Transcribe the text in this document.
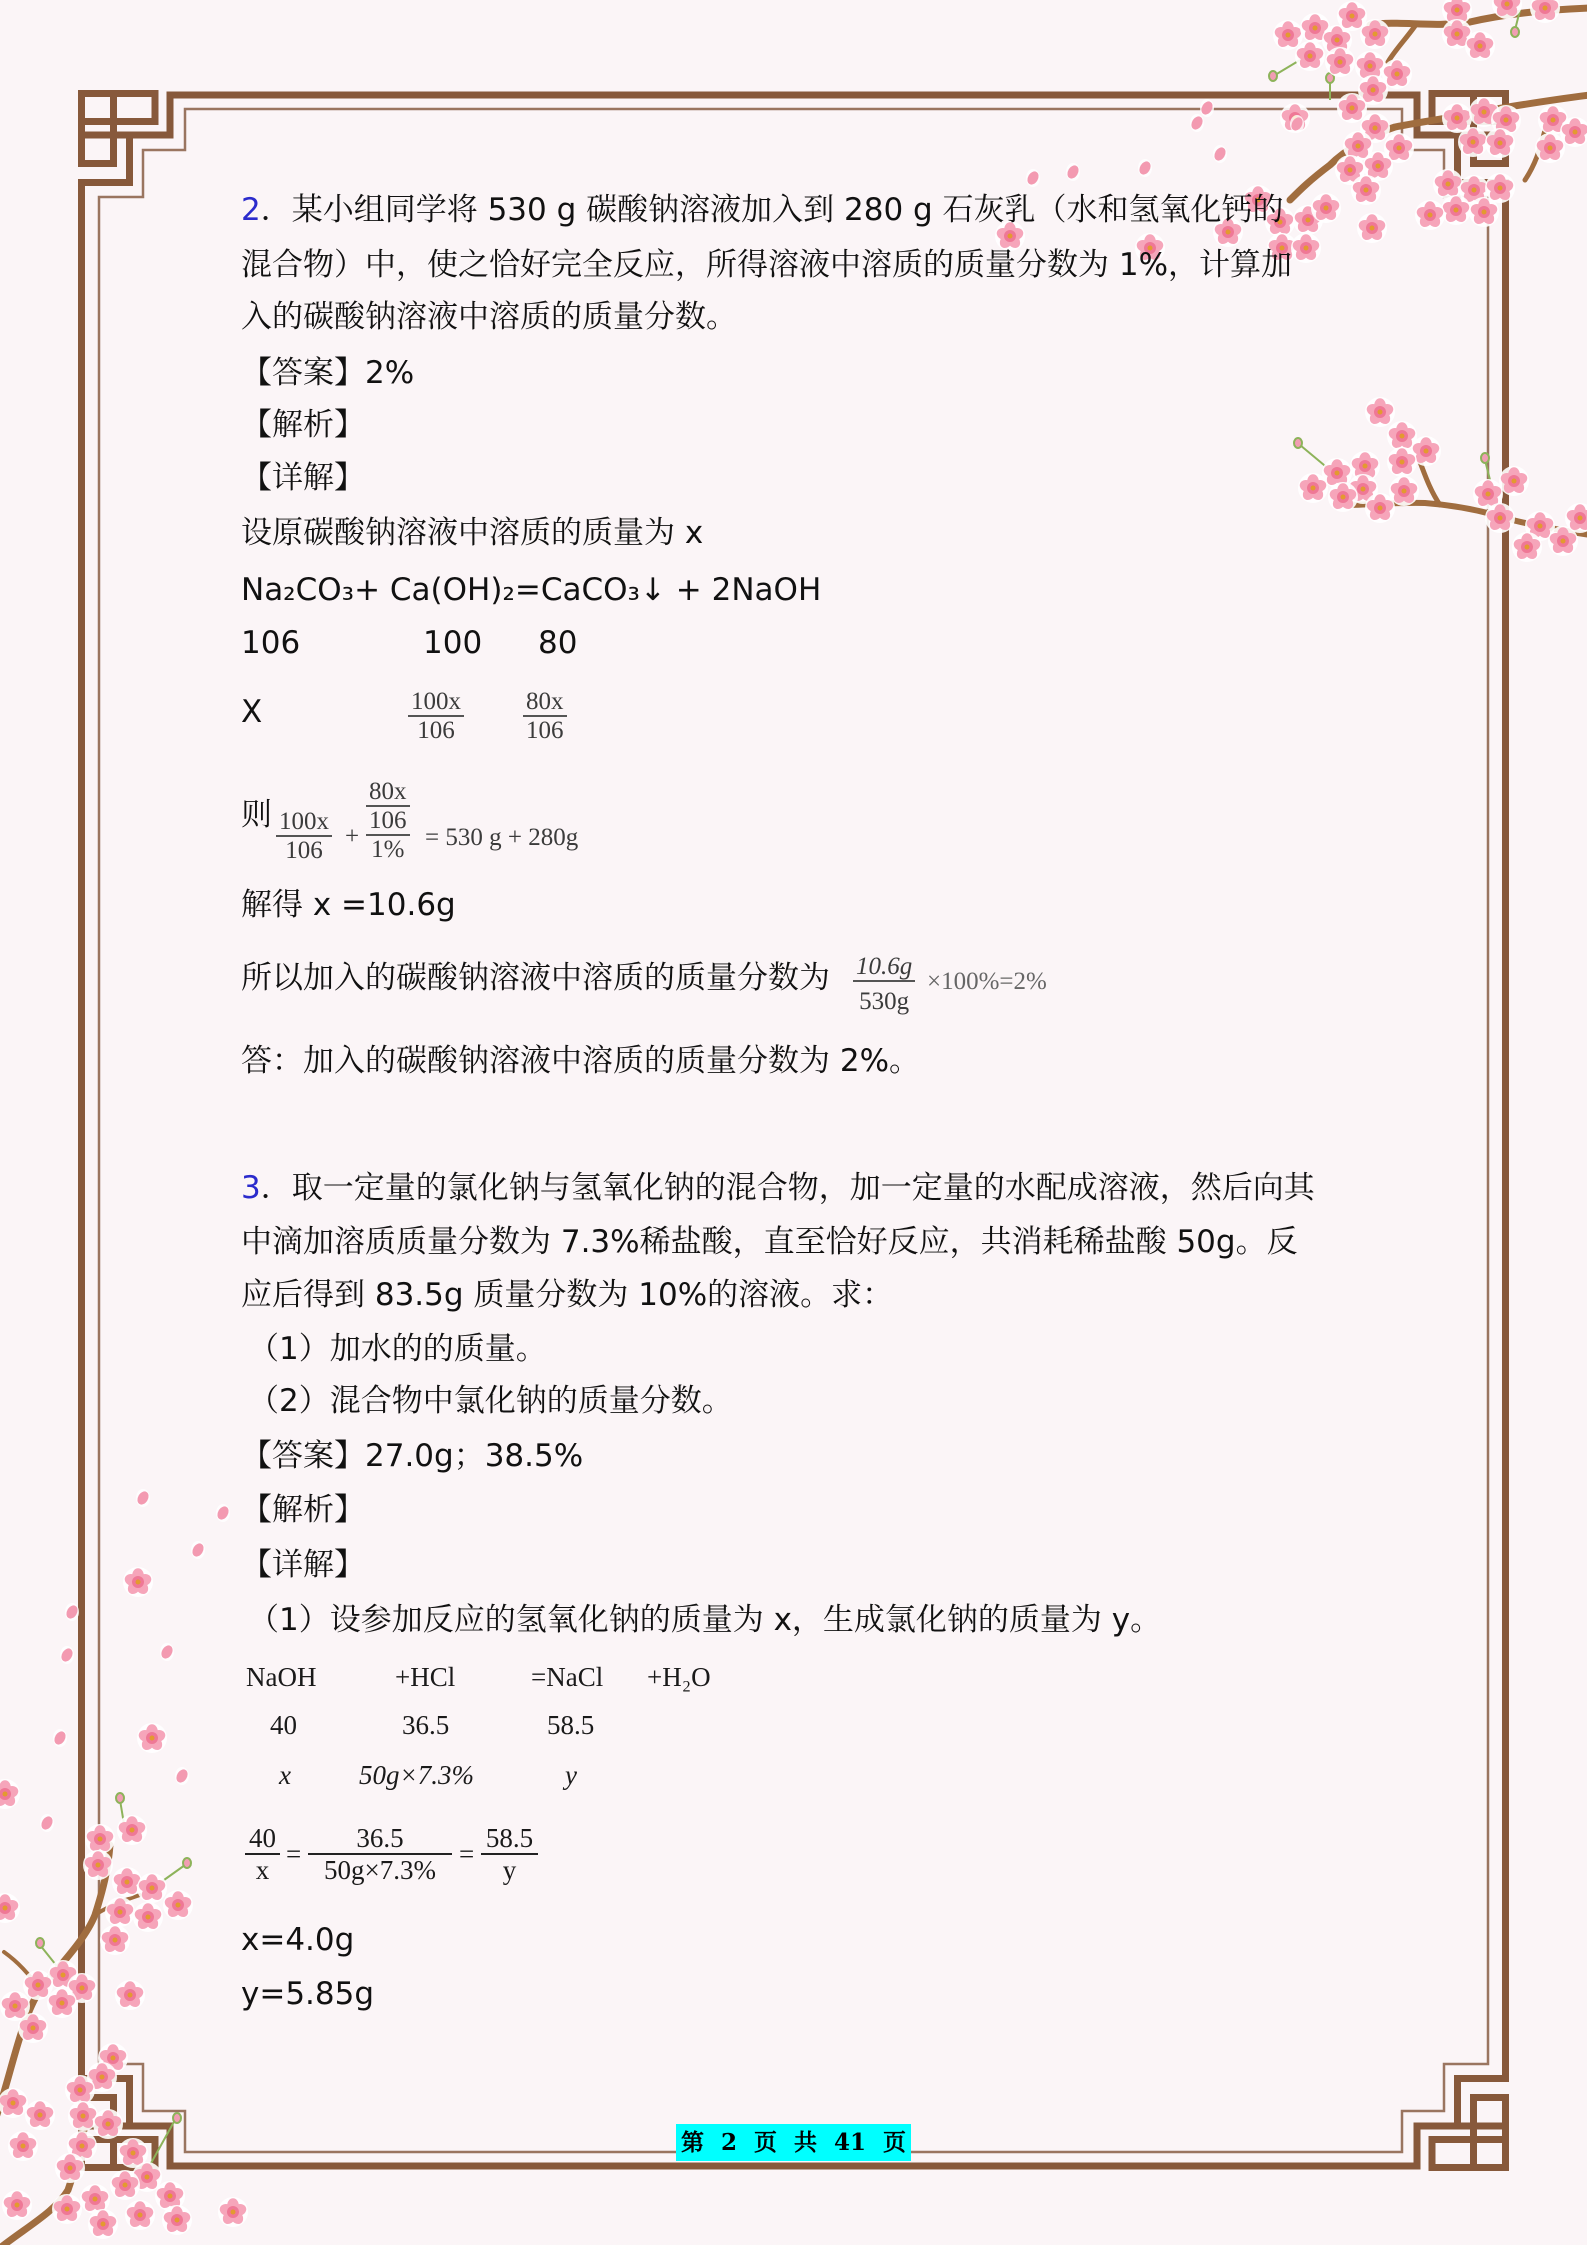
2．某小组同学将 530 g 碳酸钠溶液加入到 280 g 石灰乳（水和氢氧化钙的
混合物）中，使之恰好完全反应，所得溶液中溶质的质量分数为 1%，计算加
入的碳酸钠溶液中溶质的质量分数。
【答案】2%
【解析】
【详解】
设原碳酸钠溶液中溶质的质量为 x
Na₂CO₃+ Ca(OH)₂=CaCO₃↓ + 2NaOH
106	100 80
X	$\frac{100x}{106} \frac{80x}{106}$
则 $\frac{100x}{106} + 80x$
106
1% = 530 g + 280g
解得 x =10.6g
所以加入的碳酸钠溶液中溶质的质量分数为 $\frac{10.6g}{530g} \times 100\%=2\%$
答：加入的碳酸钠溶液中溶质的质量分数为 2%。
3．取一定量的氯化钠与氢氧化钠的混合物，加一定量的水配成溶液，然后向其
中滴加溶质质量分数为 7.3%稀盐酸，直至恰好反应，共消耗稀盐酸 50g。反
应后得到 83.5g 质量分数为 10%的溶液。求：
（1）加水的的质量。
（2）混合物中氯化钠的质量分数。
【答案】27.0g；38.5%
【解析】
【详解】
（1）设参加反应的氢氧化钠的质量为 x，生成氯化钠的质量为 y。
NaOH	+HCl	=NaCl +H₂O
40	36.5	58.5
x	50g×7.3%	y
$\frac{40}{x} = \frac{36.5}{50g\times 7.3\%} = \frac{58.5}{y}$
x=4.0g
y=5.85g
第 2 页 共 41 页
